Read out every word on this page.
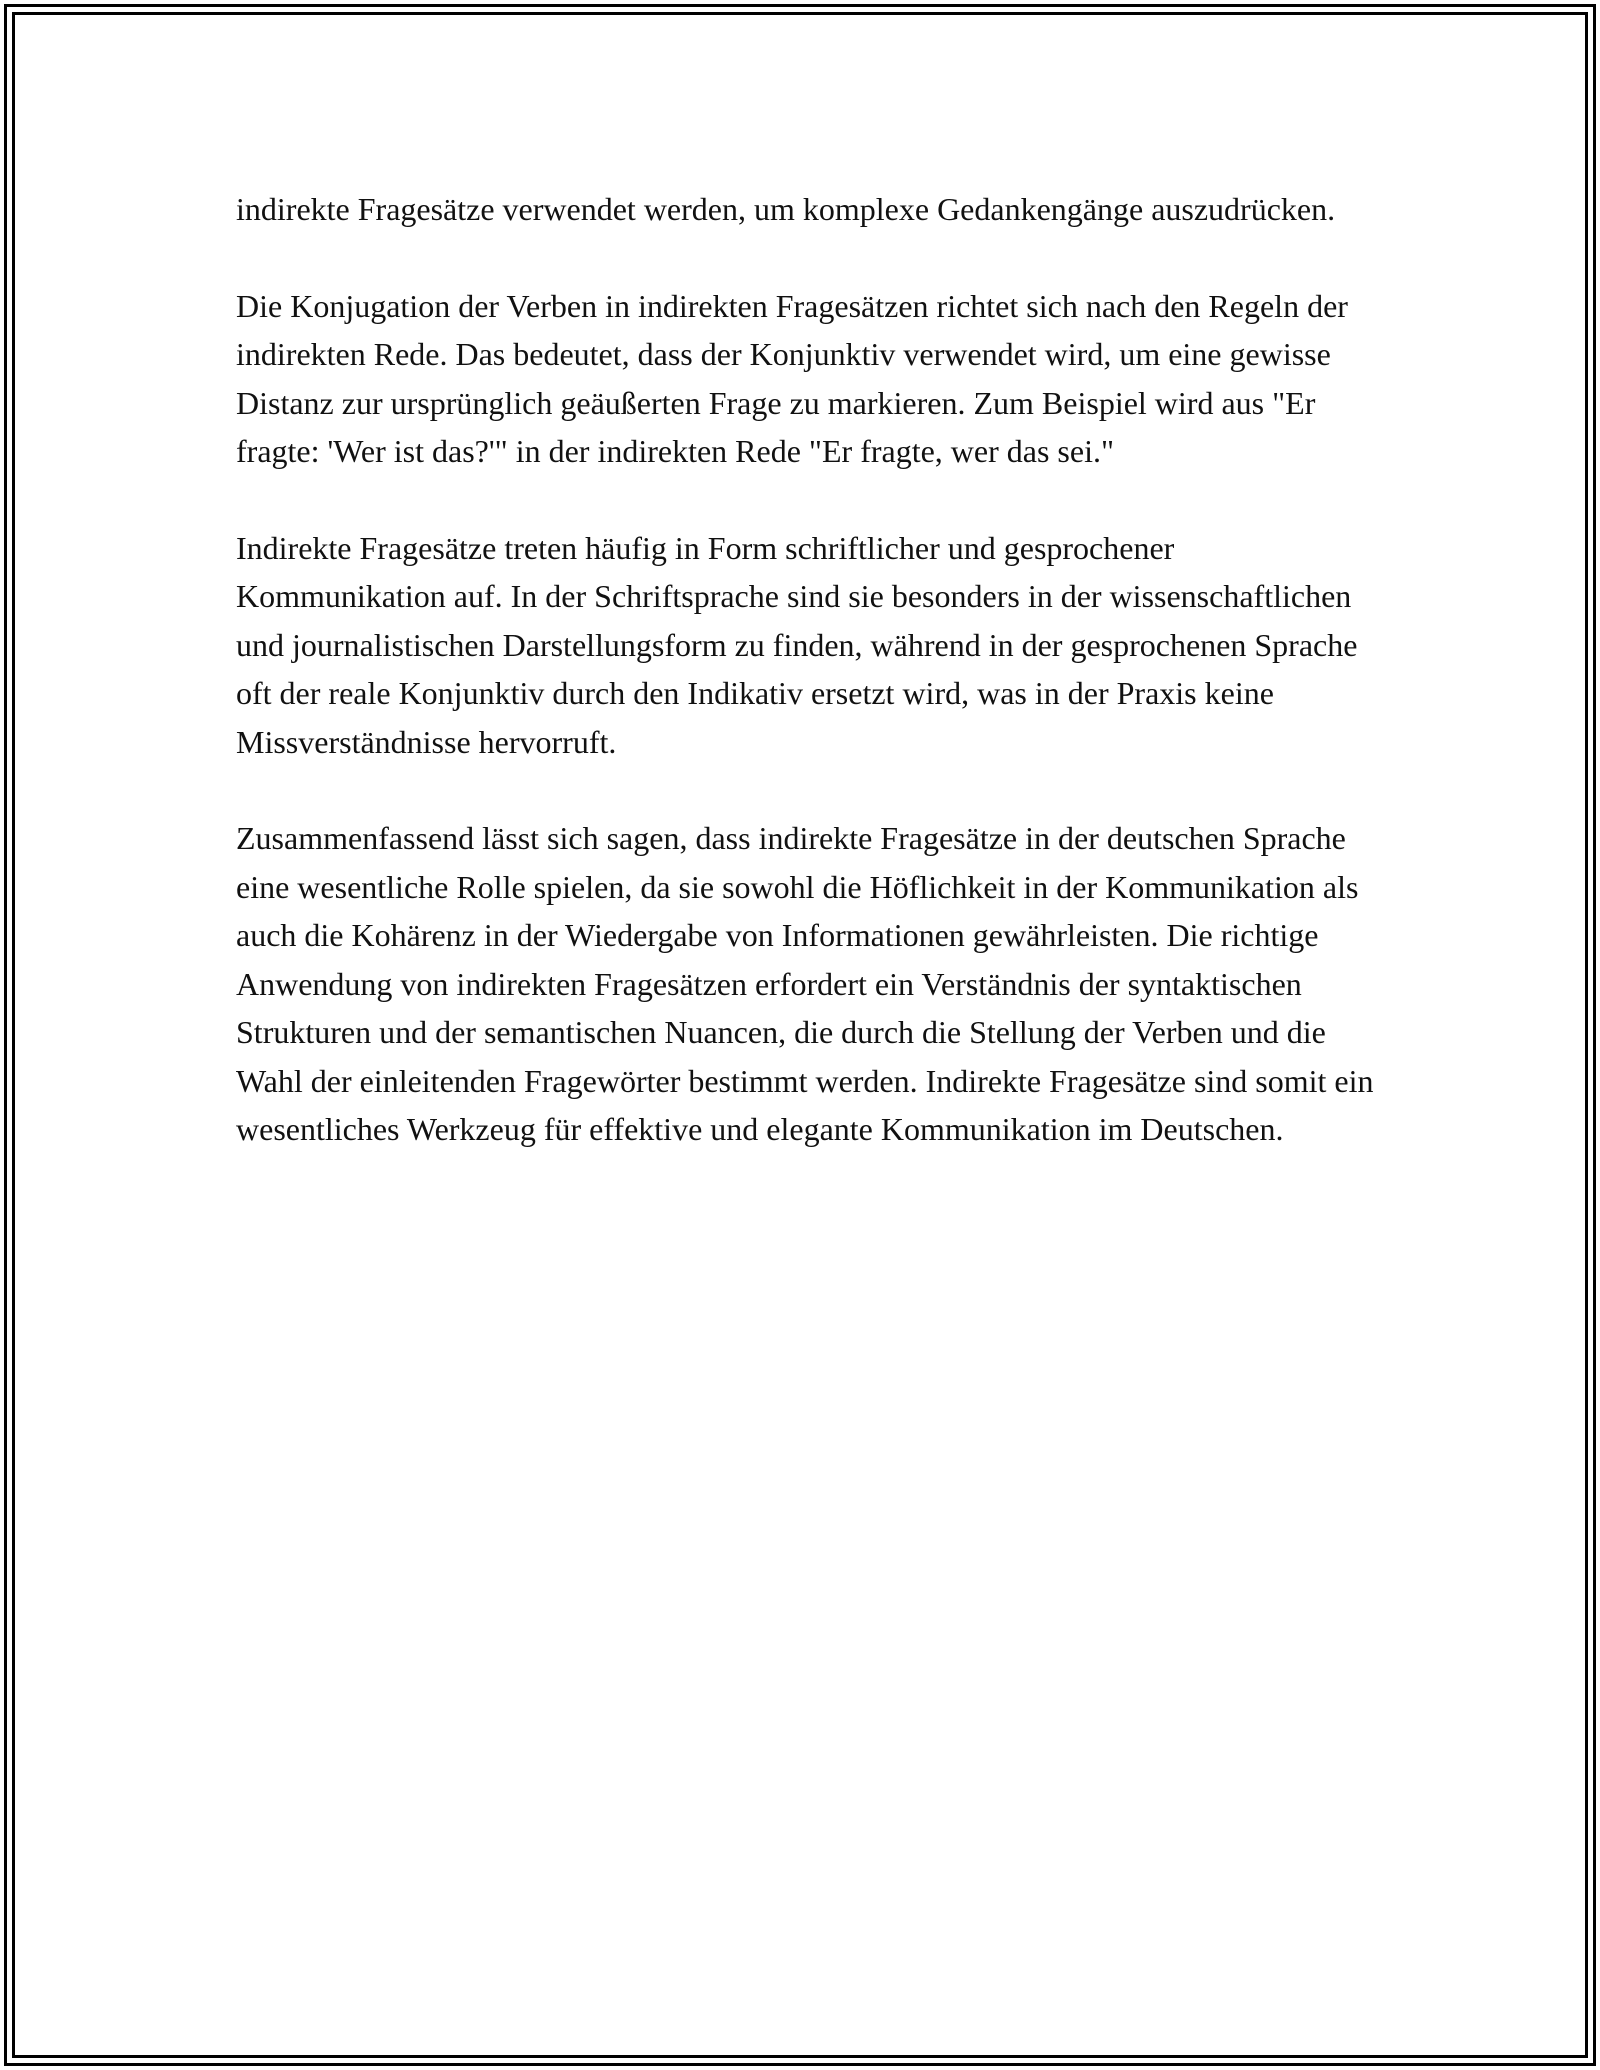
indirekte Fragesätze verwendet werden, um komplexe Gedankengänge auszudrücken.

Die Konjugation der Verben in indirekten Fragesätzen richtet sich nach den Regeln der indirekten Rede. Das bedeutet, dass der Konjunktiv verwendet wird, um eine gewisse Distanz zur ursprünglich geäußerten Frage zu markieren. Zum Beispiel wird aus "Er fragte: 'Wer ist das?'" in der indirekten Rede "Er fragte, wer das sei."

Indirekte Fragesätze treten häufig in Form schriftlicher und gesprochener Kommunikation auf. In der Schriftsprache sind sie besonders in der wissenschaftlichen und journalistischen Darstellungsform zu finden, während in der gesprochenen Sprache oft der reale Konjunktiv durch den Indikativ ersetzt wird, was in der Praxis keine Missverständnisse hervorruft.

Zusammenfassend lässt sich sagen, dass indirekte Fragesätze in der deutschen Sprache eine wesentliche Rolle spielen, da sie sowohl die Höflichkeit in der Kommunikation als auch die Kohärenz in der Wiedergabe von Informationen gewährleisten. Die richtige Anwendung von indirekten Fragesätzen erfordert ein Verständnis der syntaktischen Strukturen und der semantischen Nuancen, die durch die Stellung der Verben und die Wahl der einleitenden Fragewörter bestimmt werden. Indirekte Fragesätze sind somit ein wesentliches Werkzeug für effektive und elegante Kommunikation im Deutschen.
